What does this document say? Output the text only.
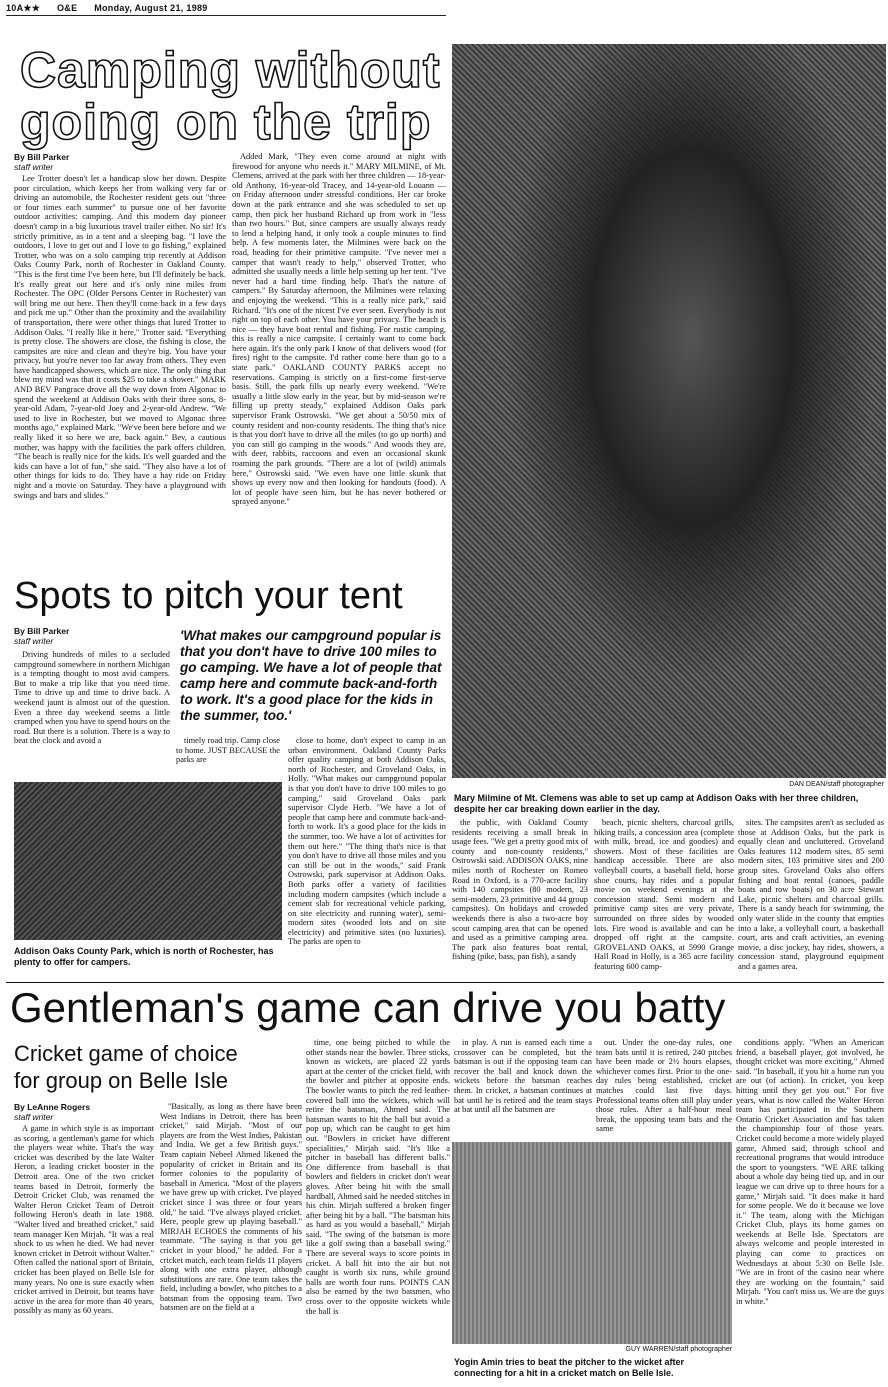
10A★★ O&E Monday, August 21, 1989
Camping without
going on the trip
By Bill Parker
staff writer

Lee Trotter doesn't let a handicap slow her down. Despite poor circulation, which keeps her from walking very far or driving an automobile, the Rochester resident gets out "three or four times each summer" to pursue one of her favorite outdoor activities: camping. And this modern day pioneer doesn't camp in a big luxurious travel trailer either. No sir! It's strictly primitive, as in a tent and a sleeping bag. "I love the outdoors, I love to get out and I love to go fishing," explained Trotter, who was on a solo camping trip recently at Addison Oaks County Park, north of Rochester in Oakland County. "This is the first time I've been here, but I'll definitely be back. It's really great out here and it's only nine miles from Rochester. The OPC (Older Persons Center in Rochester) van will bring me out here. Then they'll come back in a few days and pick me up." Other than the proximity and the availability of transportation, there were other things that lured Trotter to Addison Oaks. "I really like it here," Trotter said. "Everything is pretty close. The showers are close, the fishing is close, the campsites are nice and clean and they're big. You have your privacy, but you're never too far away from others. They even have handicapped showers, which are nice. The only thing that blew my mind was that it costs $25 to take a shower." MARK AND BEV Pangrace drove all the way down from Algonac to spend the weekend at Addison Oaks with their three sons, 8-year-old Adam, 7-year-old Joey and 2-year-old Andrew. "We used to live in Rochester, but we moved to Algonac three months ago," explained Mark. "We've been here before and we really liked it so here we are, back again." Bev, a cautious mother, was happy with the facilities the park offers children. "The beach is really nice for the kids. It's well guarded and the kids can have a lot of fun," she said. "They also have a lot of other things for kids to do. They have a hay ride on Friday night and a movie on Saturday. They have a playground with swings and bars and slides."

Added Mark, "They even come around at night with firewood for anyone who needs it." MARY MILMINE, of Mt. Clemens, arrived at the park with her three children — 18-year-old Anthony, 16-year-old Tracey, and 14-year-old Louann — on Friday afternoon under stressful conditions. Her car broke down at the park entrance and she was scheduled to set up camp, then pick her husband Richard up from work in "less than two hours." But, since campers are usually always ready to lend a helping hand, it only took a couple minutes to find help. A few moments later, the Milmines were back on the road, heading for their primitive campsite. "I've never met a camper that wasn't ready to help," observed Trotter, who admitted she usually needs a little help setting up her tent. "I've never had a hard time finding help. That's the nature of campers." By Saturday afternoon, the Milmines were relaxing and enjoying the weekend. "This is a really nice park," said Richard. "It's one of the nicest I've ever seen. Everybody is not right on top of each other. You have your privacy. The beach is nice — they have boat rental and fishing. For rustic camping, this is really a nice campsite. I certainly want to come back here again. It's the only park I know of that delivers wood (for fires) right to the campsite. I'd rather come here than go to a state park." OAKLAND COUNTY PARKS accept no reservations. Camping is strictly on a first-come first-serve basis. Still, the park fills up nearly every weekend. "We're usually a little slow early in the year, but by mid-season we're filling up pretty steady," explained Addison Oaks park supervisor Frank Ostrowski. "We get about a 50/50 mix of county resident and non-county residents. The thing that's nice is that you don't have to drive all the miles (to go up north) and you can still go camping in the woods." And woods they are, with deer, rabbits, raccoons and even an occasional skunk roaming the park grounds. "There are a lot of (wild) animals here," Ostrowski said. "We even have one little skunk that shows up every now and then looking for handouts (food). A lot of people have seen him, but he has never bothered or sprayed anyone."

DAN DEAN/staff photographer
Mary Milmine of Mt. Clemens was able to set up camp at Addison Oaks with her three children, despite her car breaking down earlier in the day.
Spots to pitch your tent
By Bill Parker
staff writer	'What makes our campground popular is that you don't have to drive 100 miles to go camping. We have a lot of people that camp here and commute back-and-forth to work. It's a good place for the kids in the summer, too.'

Driving hundreds of miles to a secluded campground somewhere in northern Michigan is a tempting thought to most avid campers. But to make a trip like that you need time. Time to drive up and time to drive back. A weekend jaunt is almost out of the question. Even a three day weekend seems a little cramped when you have to spend hours on the road. But there is a solution. There is a way to beat the clock and avoid a	timely road trip. Camp close to home. JUST BECAUSE the parks are

close to home, don't expect to camp in an urban environment. Oakland County Parks offer quality camping at both Addison Oaks, north of Rochester, and Groveland Oaks, in Holly. "What makes our campground popular is that you don't have to drive 100 miles to go camping," said Groveland Oaks park supervisor Clyde Herb. "We have a lot of people that camp here and commute back-and-forth to work. It's a good place for the kids in the summer, too. We have a lot of activities for them out here." "The thing that's nice is that you don't have to drive all those miles and you can still be out in the woods," said Frank Ostrowski, park supervisor at Addison Oaks. Both parks offer a variety of facilities including modern campsites (which include a cement slab for recreational vehicle parking, on site electricity and running water), semi-modern sites (wooded lots and on site electricity) and primitive sites (no luxuries). The parks are open to

Addison Oaks County Park, which is north of Rochester, has plenty to offer for campers.

the public, with Oakland County residents receiving a small break in usage fees. "We get a pretty good mix of county and non-county residents," Ostrowski said. ADDISON OAKS, nine miles north of Rochester on Romeo Road in Oxford, is a 770-acre facility with 140 campsites (80 modern, 23 semi-modern, 23 primitive and 44 group campsites). On holidays and crowded weekends there is also a two-acre boy scout camping area that can be opened and used as a primitive camping area. The park also features boat rental, fishing (pike, bass, pan fish), a sandy

beach, picnic shelters, charcoal grills, hiking trails, a concession area (complete with milk, bread, ice and goodies) and showers. Most of these facilities are handicap accessible. There are also volleyball courts, a baseball field, horse shoe courts, hay rides and a popular movie on weekend evenings at the concession stand. Semi modern and primitive camp sites are very private, surrounded on three sides by wooded lots. Fire wood is available and can be dropped off right at the campsite. GROVELAND OAKS, at 5990 Grange Hall Road in Holly, is a 365 acre facility featuring 600 camp-

sites. The campsites aren't as secluded as those at Addison Oaks, but the park is equally clean and uncluttered. Groveland Oaks features 112 modern sites, 85 semi modern sites, 103 primitive sites and 200 group sites. Groveland Oaks also offers fishing and boat rental (canoes, paddle boats and row boats) on 30 acre Stewart Lake, picnic shelters and charcoal grills. There is a sandy beach for swimming, the only water slide in the county that empties into a lake, a volleyball court, a basketball court, arts and craft activities, an evening movie, a disc jockey, hay rides, showers, a concession stand, playground equipment and a games area.

Gentleman's game can drive you batty
Cricket game of choice
for group on Belle Isle
By LeAnne Rogers
staff writer

A game in which style is as important as scoring, a gentleman's game for which the players wear white. That's the way cricket was described by the late Walter Heron, a leading cricket booster in the Detroit area. One of the two cricket teams based in Detroit, formerly the Detroit Cricket Club, was renamed the Walter Heron Cricket Team of Detroit following Heron's death in late 1988. "Walter lived and breathed cricket," said team manager Ken Mirjah. "It was a real shock to us when he died. We had never known cricket in Detroit without Walter." Often called the national sport of Britain, cricket has been played on Belle Isle for many years. No one is sure exactly when cricket arrived in Detroit, but teams have active in the area for more than 40 years, possibly as many as 60 years.

"Basically, as long as there have been West Indians in Detroit, there has been cricket," said Mirjah. "Most of our players are from the West Indies, Pakistan and India. We get a few British guys." Team captain Nebeel Ahmed likened the popularity of cricket in Britain and its former colonies to the popularity of baseball in America. "Most of the players we have grew up with cricket. I've played cricket since I was three or four years old," he said. "I've always played cricket. Here, people grew up playing baseball." MIRJAH ECHOES the comments of his teammate. "The saying is that you get cricket in your blood," he added. For a cricket match, each team fields 11 players along with one extra player, although substitutions are rare. One team takes the field, including a bowler, who pitches to a batsman from the opposing team. Two batsmen are on the field at a

time, one being pitched to while the other stands near the bowler. Three sticks, known as wickets, are placed 22 yards apart at the center of the cricket field, with the bowler and pitcher at opposite ends. The bowler wants to pitch the red leather-covered ball into the wickets, which will retire the batsman, Ahmed said. The batsman wants to hit the ball but avoid a pop up, which can be caught to get him out. "Bowlers in cricket have different specialities," Mirjah said. "It's like a pitcher in baseball has different balls." One difference from baseball is that bowlers and fielders in cricket don't wear gloves. After being hit with the small hardball, Ahmed said he needed stitches in his chin. Mirjah suffered a broken finger after being hit by a ball. "The batsman hits as hard as you would a baseball," Mirjah said. "The swing of the batsman is more like a golf swing than a baseball swing." There are several ways to score points in cricket. A ball hit into the air but not caught is worth six runs, while ground balls are worth four runs. POINTS CAN also be earned by the two batsmen, who cross over to the opposite wickets while the ball is

in play. A run is earned each time a crossover can be completed, but the batsman is out if the opposing team can recover the ball and knock down the wickets before the batsman reaches them. In cricket, a batsman continues at bat until he is retired and the team stays at bat until all the batsmen are

out. Under the one-day rules, one team bats until it is retired, 240 pitches have been made or 2½ hours elapses, whichever comes first. Prior to the one-day rules being established, cricket matches could last five days. Professional teams often still play under those rules. After a half-hour meal break, the opposing team bats and the same

conditions apply. "When an American friend, a baseball player, got involved, he thought cricket was more exciting," Ahmed said. "In baseball, if you hit a home run you are out (of action). In cricket, you keep hitting until they get you out." For five years, what is now called the Walter Heron team has participated in the Southern Ontario Cricket Association and has taken the championship four of those years. Cricket could become a more widely played game, Ahmed said, through school and recreational programs that would introduce the sport to youngsters. "WE ARE talking about a whole day being tied up, and in our league we can drive up to three hours for a game," Mirjah said. "It does make it hard for some people. We do it because we love it." The team, along with the Michigan Cricket Club, plays its home games on weekends at Belle Isle. Spectators are always welcome and people interested in playing can come to practices on Wednesdays at about 5:30 on Belle Isle. "We are in front of the casino near where they are working on the fountain," said Mirjah. "You can't miss us. We are the guys in white."

GUY WARREN/staff photographer
Yogin Amin tries to beat the pitcher to the wicket after connecting for a hit in a cricket match on Belle Isle.
